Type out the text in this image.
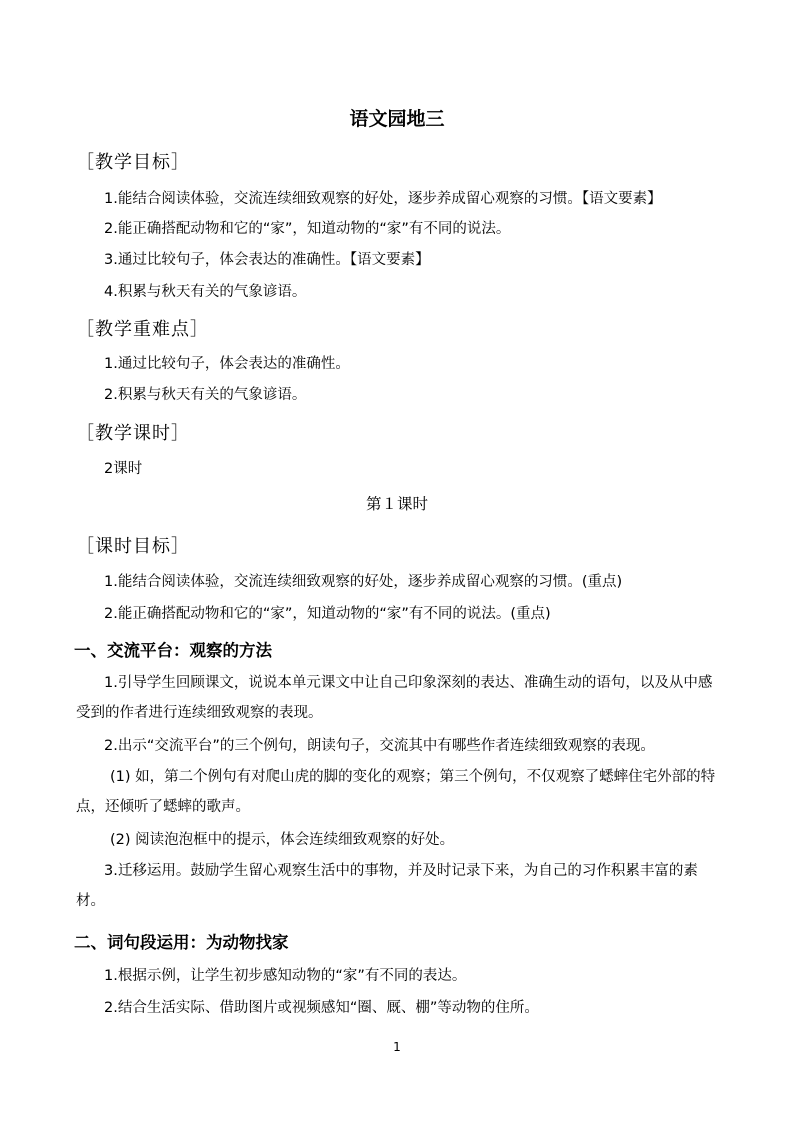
语文园地三
［教学目标］
1.能结合阅读体验，交流连续细致观察的好处，逐步养成留心观察的习惯。【语文要素】
2.能正确搭配动物和它的“家”，知道动物的“家”有不同的说法。
3.通过比较句子，体会表达的准确性。【语文要素】
4.积累与秋天有关的气象谚语。
［教学重难点］
1.通过比较句子，体会表达的准确性。
2.积累与秋天有关的气象谚语。
［教学课时］
2课时
第１课时
［课时目标］
1.能结合阅读体验，交流连续细致观察的好处，逐步养成留心观察的习惯。(重点)
2.能正确搭配动物和它的“家”，知道动物的“家”有不同的说法。(重点)
一、交流平台：观察的方法
1.引导学生回顾课文，说说本单元课文中让自己印象深刻的表达、准确生动的语句，以及从中感受到的作者进行连续细致观察的表现。
2.出示“交流平台”的三个例句，朗读句子，交流其中有哪些作者连续细致观察的表现。
(1) 如，第二个例句有对爬山虎的脚的变化的观察；第三个例句，不仅观察了蟋蟀住宅外部的特点，还倾听了蟋蟀的歌声。
(2) 阅读泡泡框中的提示，体会连续细致观察的好处。
3.迁移运用。鼓励学生留心观察生活中的事物，并及时记录下来，为自己的习作积累丰富的素材。
二、词句段运用：为动物找家
1.根据示例，让学生初步感知动物的“家”有不同的表达。
2.结合生活实际、借助图片或视频感知“圈、厩、棚”等动物的住所。
1
